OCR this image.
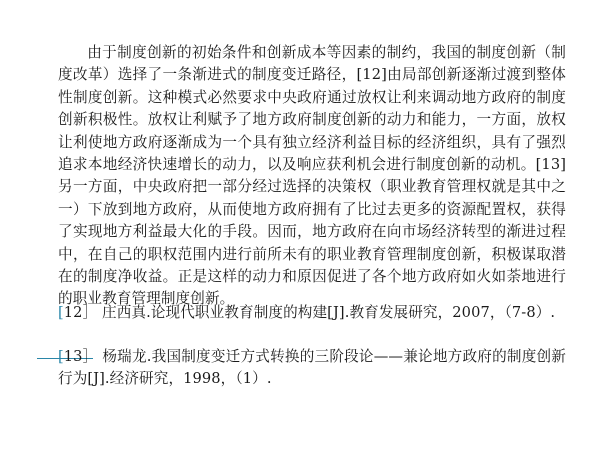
由于制度创新的初始条件和创新成本等因素的制约，我国的制度创新（制度改革）选择了一条渐进式的制度变迁路径，[12]由局部创新逐渐过渡到整体性制度创新。这种模式必然要求中央政府通过放权让利来调动地方政府的制度创新积极性。放权让利赋予了地方政府制度创新的动力和能力，一方面，放权让利使地方政府逐渐成为一个具有独立经济利益目标的经济组织，具有了强烈追求本地经济快速增长的动力，以及响应获利机会进行制度创新的动机。[13]另一方面，中央政府把一部分经过选择的决策权（职业教育管理权就是其中之一）下放到地方政府，从而使地方政府拥有了比过去更多的资源配置权，获得了实现地方利益最大化的手段。因而，地方政府在向市场经济转型的渐进过程中，在自己的职权范围内进行前所未有的职业教育管理制度创新，积极谋取潜在的制度净收益。正是这样的动力和原因促进了各个地方政府如火如荼地进行的职业教育管理制度创新。
[12］ 庄西真.论现代职业教育制度的构建[J].教育发展研究，2007，（7-8）.
[13］ 杨瑞龙.我国制度变迁方式转换的三阶段论——兼论地方政府的制度创新行为[J].经济研究，1998，（1）.
